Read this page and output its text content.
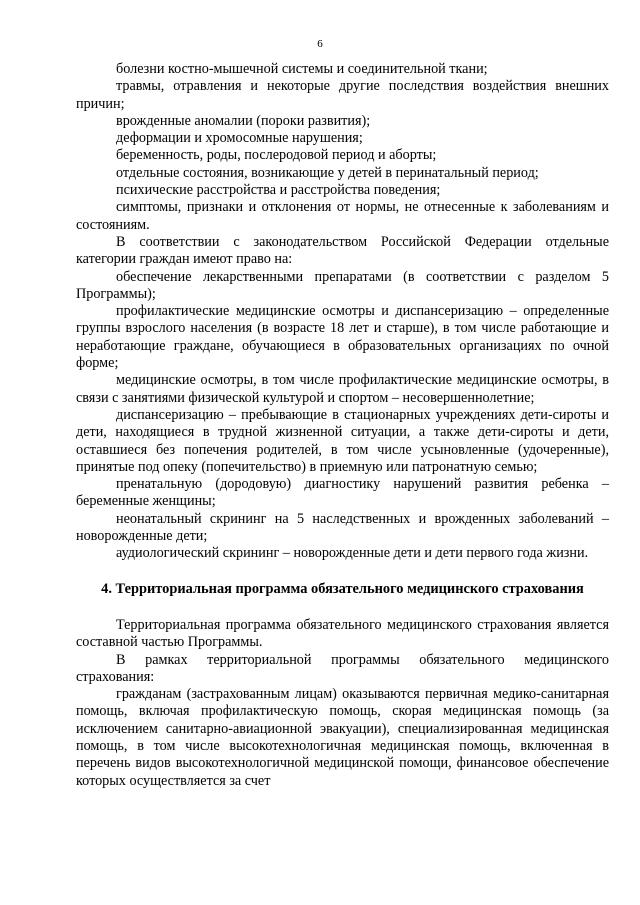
6

болезни костно-мышечной системы и соединительной ткани;

травмы, отравления и некоторые другие последствия воздействия внешних причин;

врожденные аномалии (пороки развития);

деформации и хромосомные нарушения;

беременность, роды, послеродовой период и аборты;

отдельные состояния, возникающие у детей в перинатальный период;

психические расстройства и расстройства поведения;

симптомы, признаки и отклонения от нормы, не отнесенные к заболеваниям и состояниям.

В соответствии с законодательством Российской Федерации отдельные категории граждан имеют право на:

обеспечение лекарственными препаратами (в соответствии с разделом 5 Программы);

профилактические медицинские осмотры и диспансеризацию – определенные группы взрослого населения (в возрасте 18 лет и старше), в том числе работающие и неработающие граждане, обучающиеся в образовательных организациях по очной форме;

медицинские осмотры, в том числе профилактические медицинские осмотры, в связи с занятиями физической культурой и спортом – несовершеннолетние;

диспансеризацию – пребывающие в стационарных учреждениях дети-сироты и дети, находящиеся в трудной жизненной ситуации, а также дети-сироты и дети, оставшиеся без попечения родителей, в том числе усыновленные (удочеренные), принятые под опеку (попечительство) в приемную или патронатную семью;

пренатальную (дородовую) диагностику нарушений развития ребенка – беременные женщины;

неонатальный скрининг на 5 наследственных и врожденных заболеваний – новорожденные дети;

аудиологический скрининг – новорожденные дети и дети первого года жизни.

4. Территориальная программа обязательного медицинского страхования

Территориальная программа обязательного медицинского страхования является составной частью Программы.

В рамках территориальной программы обязательного медицинского страхования:

гражданам (застрахованным лицам) оказываются первичная медико-санитарная помощь, включая профилактическую помощь, скорая медицинская помощь (за исключением санитарно-авиационной эвакуации), специализированная медицинская помощь, в том числе высокотехнологичная медицинская помощь, включенная в перечень видов высокотехнологичной медицинской помощи, финансовое обеспечение которых осуществляется за счет
